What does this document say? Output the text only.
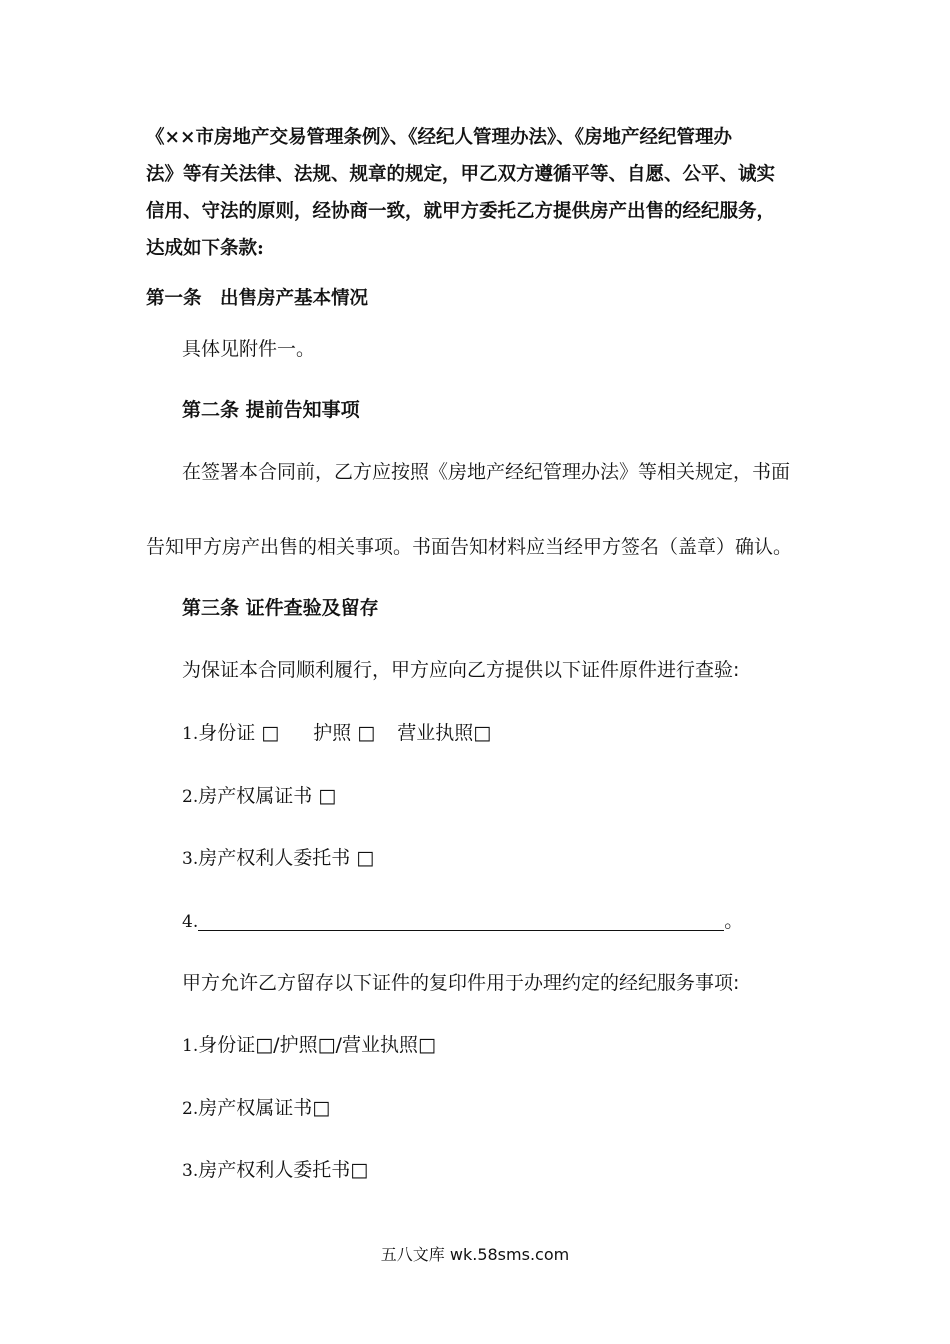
《××市房地产交易管理条例》、《经纪人管理办法》、《房地产经纪管理办
法》等有关法律、法规、规章的规定，甲乙双方遵循平等、自愿、公平、诚实
信用、守法的原则，经协商一致，就甲方委托乙方提供房产出售的经纪服务，
达成如下条款:
第一条　出售房产基本情况
具体见附件一。
第二条 提前告知事项
在签署本合同前，乙方应按照《房地产经纪管理办法》等相关规定，书面
告知甲方房产出售的相关事项。书面告知材料应当经甲方签名（盖章）确认。
第三条 证件查验及留存
为保证本合同顺利履行，甲方应向乙方提供以下证件原件进行查验:
1.身份证 □ 护照 □ 营业执照□
2.房产权属证书 □
3.房产权利人委托书 □
4.	。
甲方允许乙方留存以下证件的复印件用于办理约定的经纪服务事项:
1.身份证□/护照□/营业执照□
2.房产权属证书□
3.房产权利人委托书□
五八文库 wk.58sms.com
